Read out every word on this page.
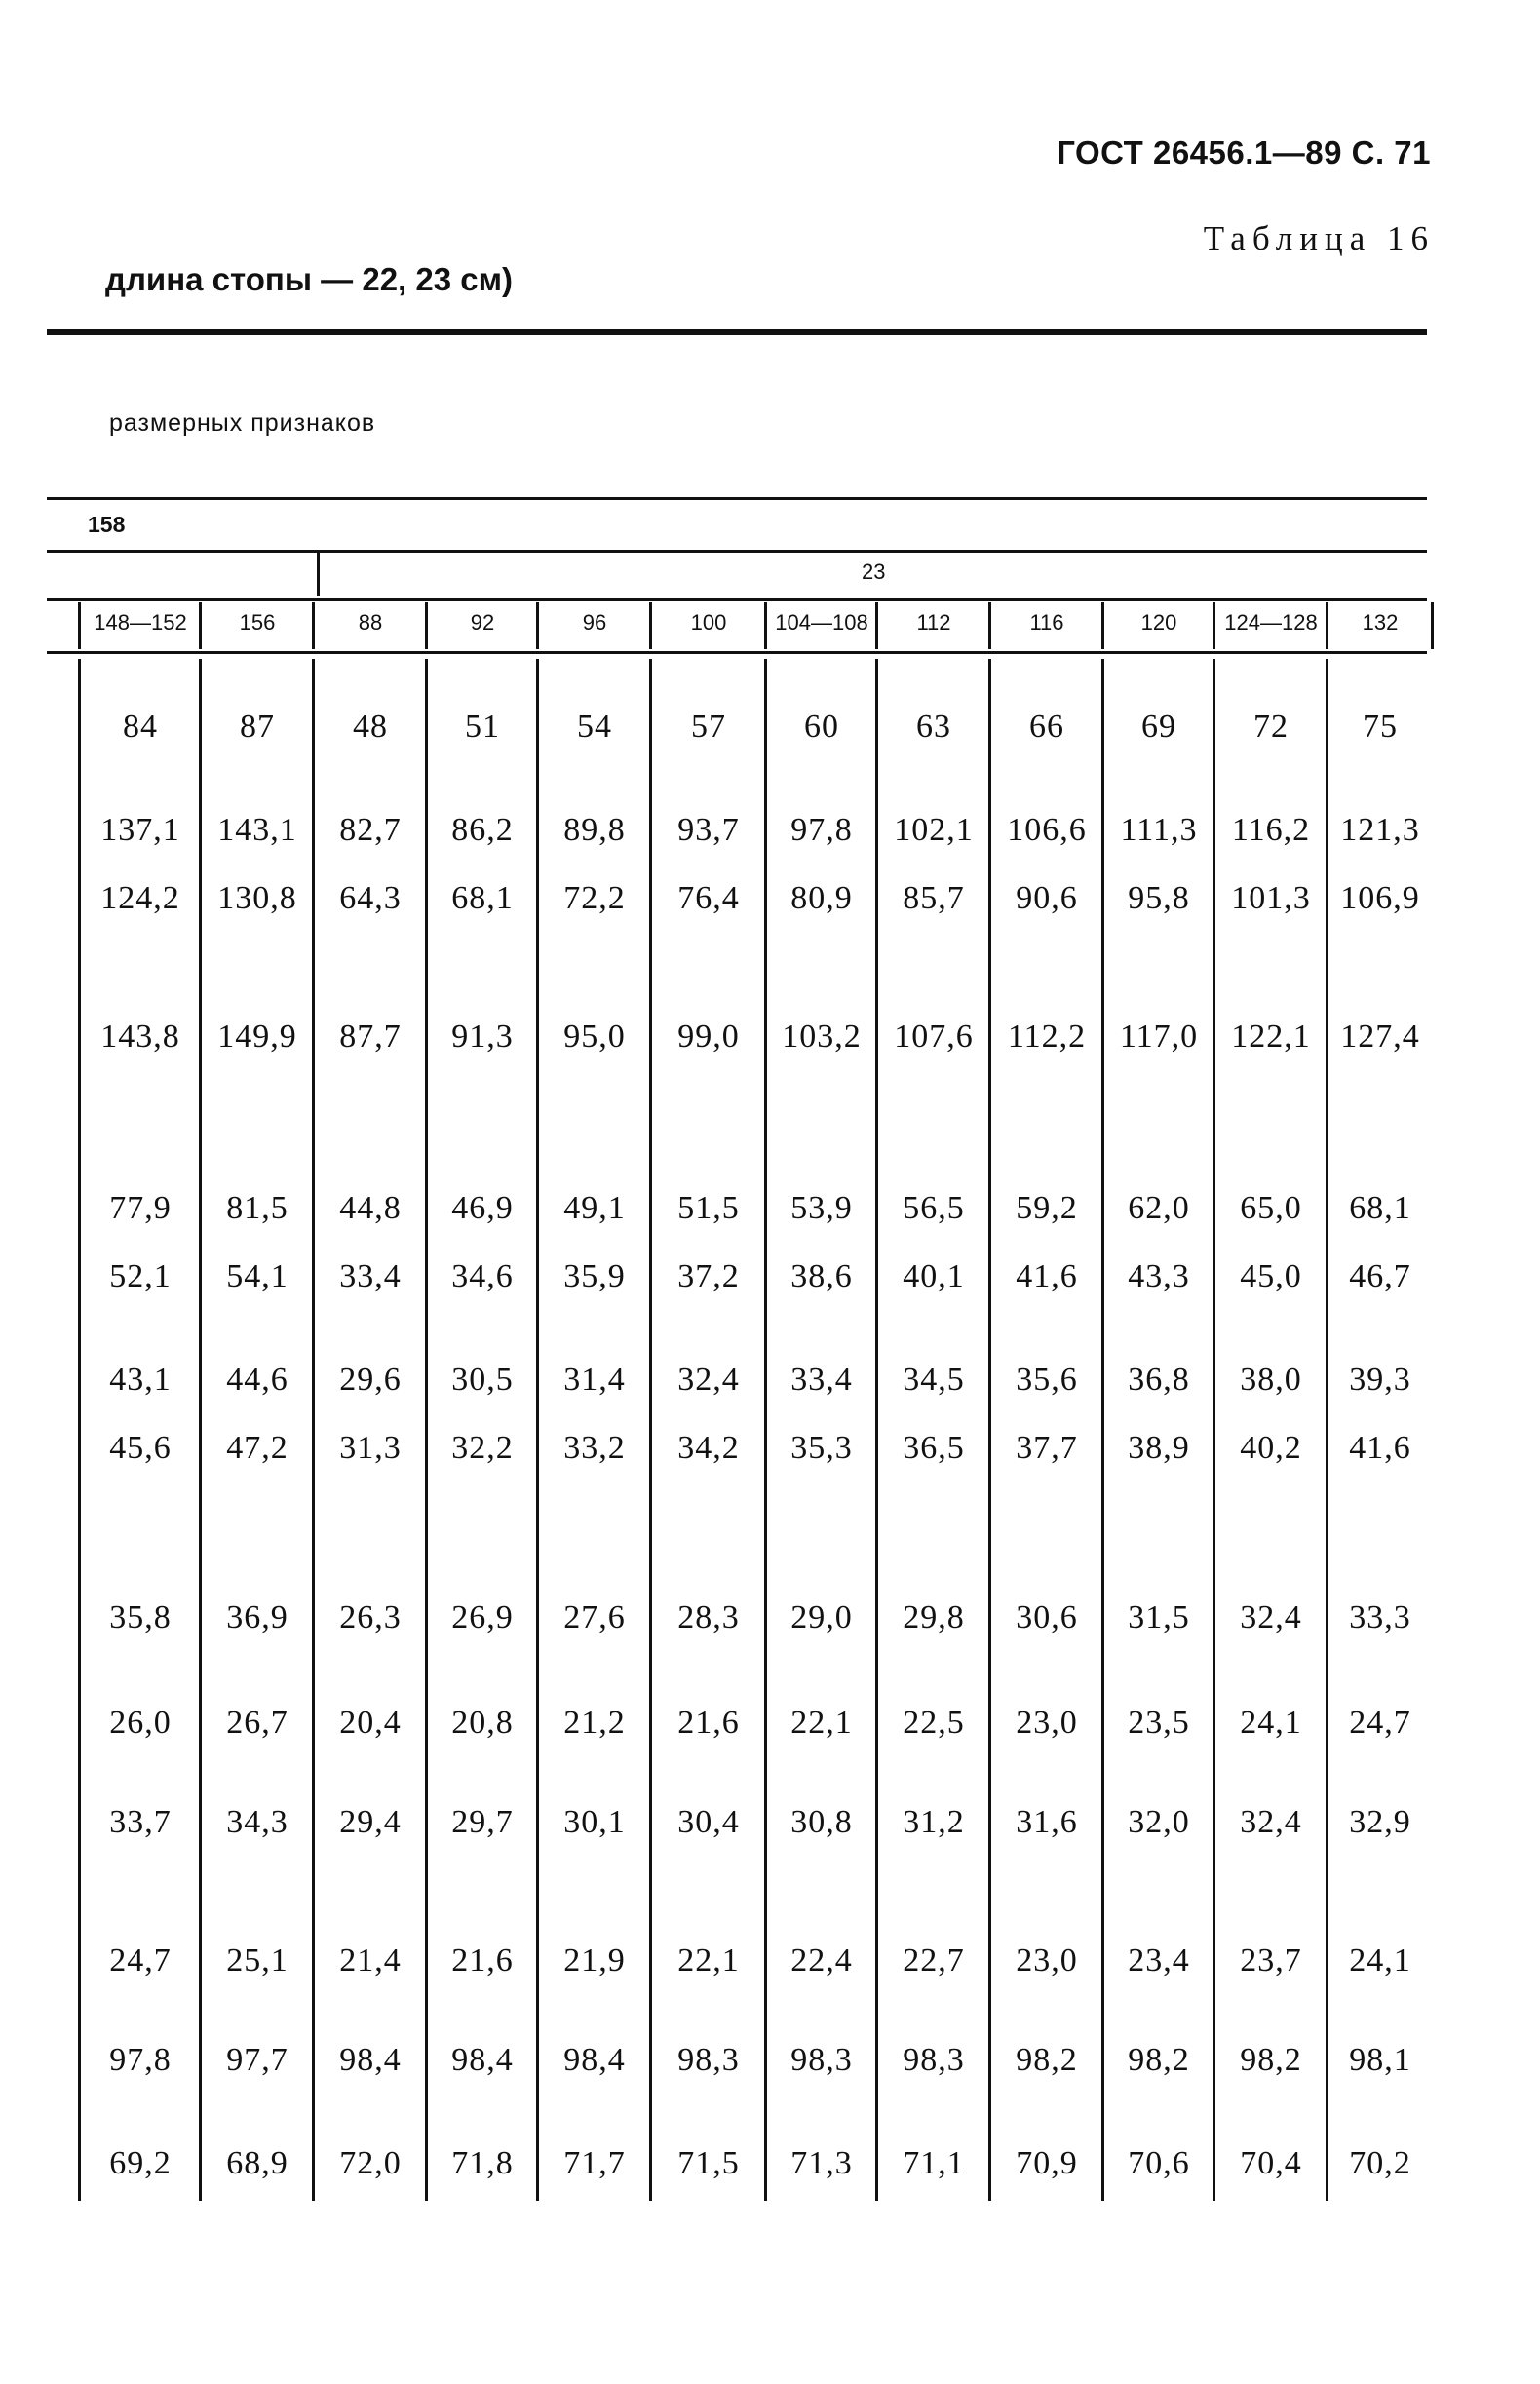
ГОСТ 26456.1—89 С. 71
Таблица 16
длина стопы — 22, 23 см)
размерных признаков
158
23
148—152	156	88	92	96	100	104—108	112	116	120	124—128	132
84	87	48	51	54	57	60	63	66	69	72	75
137,1	143,1	82,7	86,2	89,8	93,7	97,8	102,1	106,6	111,3	116,2 121,3
124,2	130,8	64,3	68,1	72,2	76,4	80,9	85,7	90,6	95,8	101,3 106,9
143,8	149,9	87,7	91,3	95,0	99,0	103,2 107,6	112,2	117,0	122,1 127,4
77,9	81,5	44,8	46,9	49,1	51,5	53,9	56,5	59,2	62,0	65,0	68,1
52,1	54,1	33,4	34,6	35,9	37,2	38,6	40,1	41,6	43,3	45,0	46,7
43,1	44,6	29,6	30,5	31,4	32,4	33,4	34,5	35,6	36,8	38,0	39,3
45,6	47,2	31,3	32,2	33,2	34,2	35,3	36,5	37,7	38,9	40,2	41,6
35,8	36,9	26,3	26,9	27,6	28,3	29,0	29,8	30,6	31,5	32,4	33,3
26,0	26,7	20,4	20,8	21,2	21,6	22,1	22,5	23,0	23,5	24,1	24,7
33,7	34,3	29,4	29,7	30,1	30,4	30,8	31,2	31,6	32,0	32,4	32,9
24,7	25,1	21,4	21,6	21,9	22,1	22,4	22,7	23,0	23,4	23,7	24,1
97,8	97,7	98,4	98,4	98,4	98,3	98,3	98,3	98,2	98,2	98,2	98,1
69,2	68,9	72,0	71,8	71,7	71,5	71,3	71,1	70,9	70,6	70,4	70,2
